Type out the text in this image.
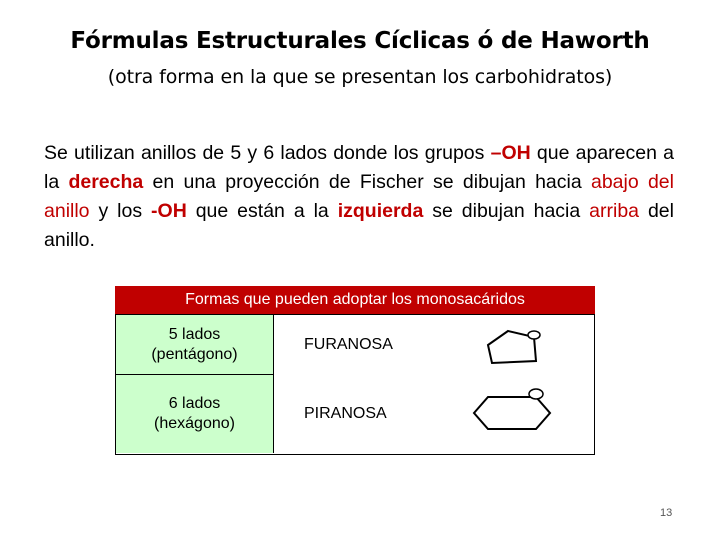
Fórmulas Estructurales Cíclicas ó de Haworth
(otra forma en la que se presentan los carbohidratos)
Se utilizan anillos de 5 y 6 lados donde los grupos –OH que aparecen a la derecha en una proyección de Fischer se dibujan hacia abajo del anillo y los -OH que están a la izquierda se dibujan hacia arriba del anillo.
Formas que pueden adoptar los monosacáridos
5 lados
(pentágono)
FURANOSA
6 lados
(hexágono)
PIRANOSA
13
